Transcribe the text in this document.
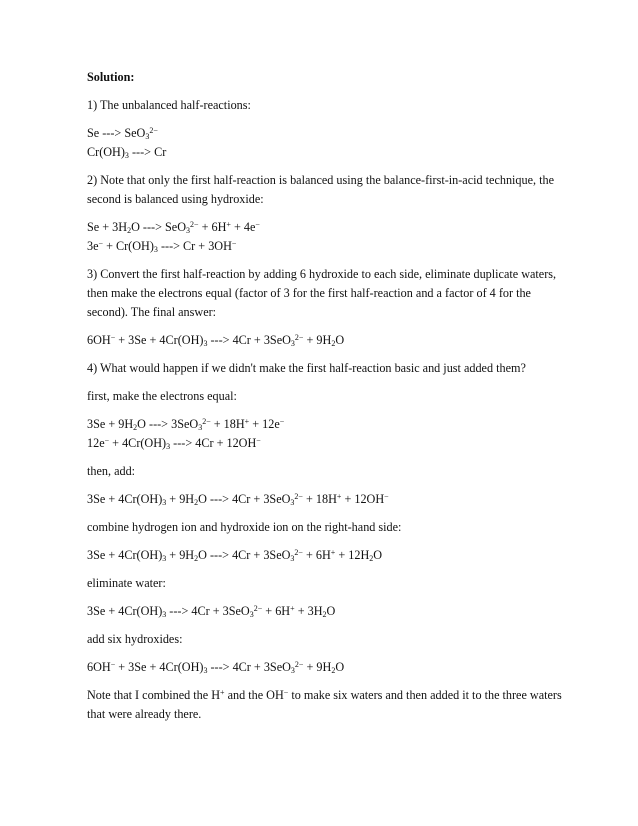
Solution:
1) The unbalanced half-reactions:
Se ---> SeO$_3^{2-}$
$Cr(OH)_3$ ---> Cr
2) Note that only the first half-reaction is balanced using the balance-first-in-acid technique, the second is balanced using hydroxide:
$Se + 3H_2O$ ---> SeO$_3^{2-}$ + 6H+ + 4e−
$3e^- + Cr(OH)_3$ ---> Cr + 3OH−
3) Convert the first half-reaction by adding 6 hydroxide to each side, eliminate duplicate waters, then make the electrons equal (factor of 3 for the first half-reaction and a factor of 4 for the second). The final answer:
$6OH^- + 3Se + 4Cr(OH)_3$ ---> $4Cr + 3SeO_3^{2-} + 9H_2O$
4) What would happen if we didn't make the first half-reaction basic and just added them?
first, make the electrons equal:
$3Se + 9H_2O$ ---> 3SeO$_3^{2-}$ + 18H+ + 12e−
$12e^- + 4Cr(OH)_3$ ---> 4Cr + 12OH−
then, add:
$3Se + 4Cr(OH)_3 + 9H_2O$ ---> 4Cr + 3SeO$_3^{2-}$ + 18H+ + 12OH−
combine hydrogen ion and hydroxide ion on the right-hand side:
$3Se + 4Cr(OH)_3 + 9H_2O$ ---> $4Cr + 3SeO_3^{2-} + 6H^+ + 12H_2O$
eliminate water:
$3Se + 4Cr(OH)_3$ ---> $4Cr + 3SeO_3^{2-} + 6H^+ + 3H_2O$
add six hydroxides:
$6OH^- + 3Se + 4Cr(OH)_3$ ---> $4Cr + 3SeO_3^{2-} + 9H_2O$
Note that I combined the H+ and the OH− to make six waters and then added it to the three waters that were already there.
